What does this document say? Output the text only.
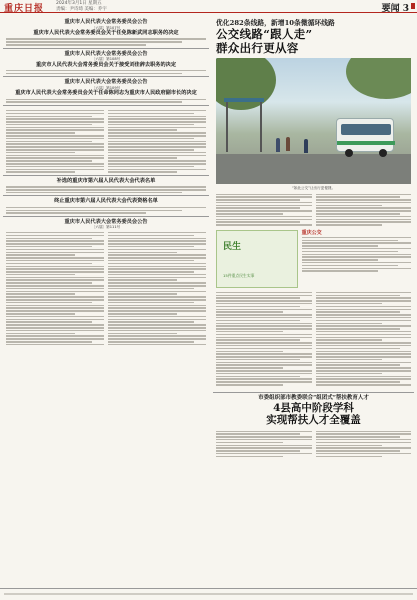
重庆日报
2024年3月1日 星期五
责编：尹诗琦 美编：乔宇	要闻 3
重庆市人民代表大会常务委员会公告
〔六届〕第107号
重庆市人民代表大会常务委员会关于任免陈新武同志职务的决定
重庆市人民代表大会常务委员会公告
〔六届〕第108号
重庆市人民代表大会常务委员会关于接受刘佳辞去职务的决定
重庆市人民代表大会常务委员会公告
〔六届〕第109号
重庆市人民代表大会常务委员会关于任命陈同志为重庆市人民政府副市长的决定
补选的重庆市第六届人民代表大会代表名单
终止重庆市第六届人民代表大会代表资格名单
重庆市人民代表大会常务委员会公告
〔六届〕第111号
优化282条线路，新增10条微循环线路
公交线路“跟人走”
群众出行更从容
“如此公交”让出行更便捷。
民生
15件重点民生实事
重庆公交
市委组织部市教委联合“组团式”帮扶教育人才
4县高中阶段学科
实现帮扶人才全覆盖
